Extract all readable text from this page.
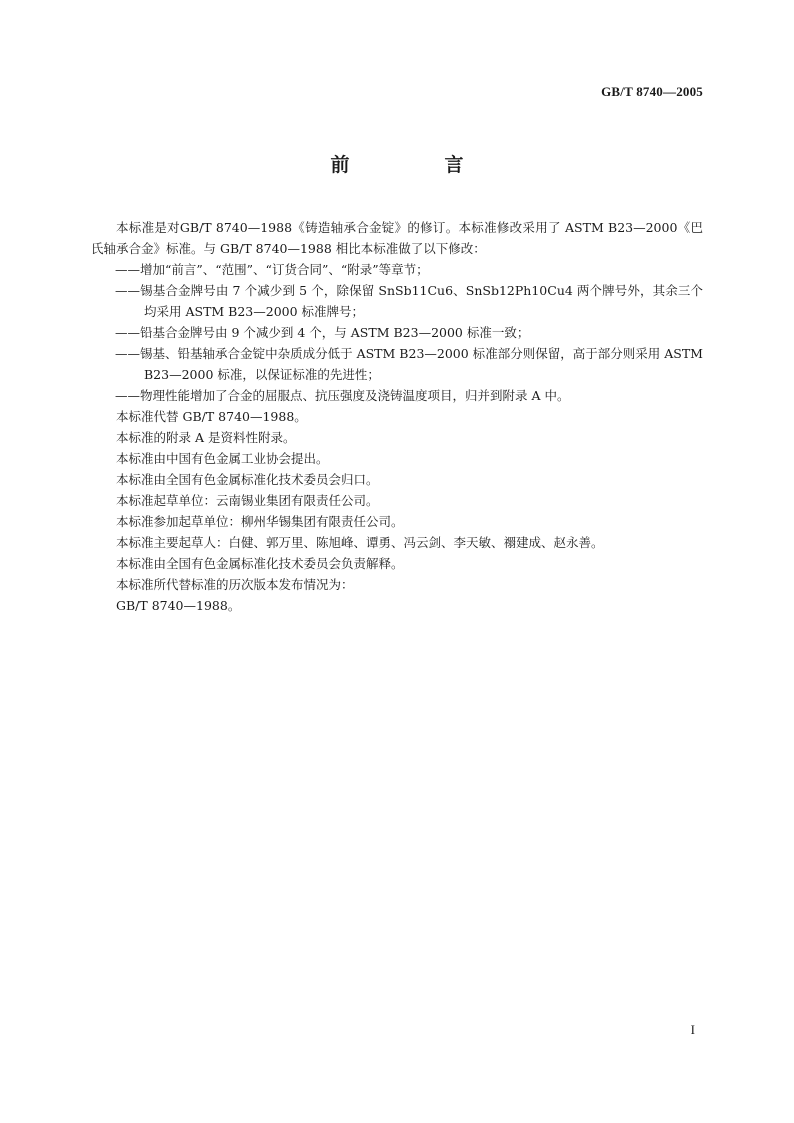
GB/T 8740—2005
前　言

本标准是对GB/T 8740—1988《铸造轴承合金锭》的修订。本标准修改采用了 ASTM B23—2000《巴氏轴承合金》标准。与 GB/T 8740—1988 相比本标准做了以下修改：

——增加“前言”、“范围”、“订货合同”、“附录”等章节；

——锡基合金牌号由 7 个减少到 5 个，除保留 SnSb11Cu6、SnSb12Ph10Cu4 两个牌号外，其余三个均采用 ASTM B23—2000 标准牌号；

——铅基合金牌号由 9 个减少到 4 个，与 ASTM B23—2000 标准一致；

——锡基、铅基轴承合金锭中杂质成分低于 ASTM B23—2000 标准部分则保留，高于部分则采用 ASTM B23—2000 标准，以保证标准的先进性；

——物理性能增加了合金的屈服点、抗压强度及浇铸温度项目，归并到附录 A 中。

本标准代替 GB/T 8740—1988。

本标准的附录 A 是资料性附录。

本标准由中国有色金属工业协会提出。

本标准由全国有色金属标准化技术委员会归口。

本标准起草单位：云南锡业集团有限责任公司。

本标准参加起草单位：柳州华锡集团有限责任公司。

本标准主要起草人：白健、郭万里、陈旭峰、谭勇、冯云剑、李天敏、禤建成、赵永善。

本标准由全国有色金属标准化技术委员会负责解释。

本标准所代替标准的历次版本发布情况为：

GB/T 8740—1988。

I
